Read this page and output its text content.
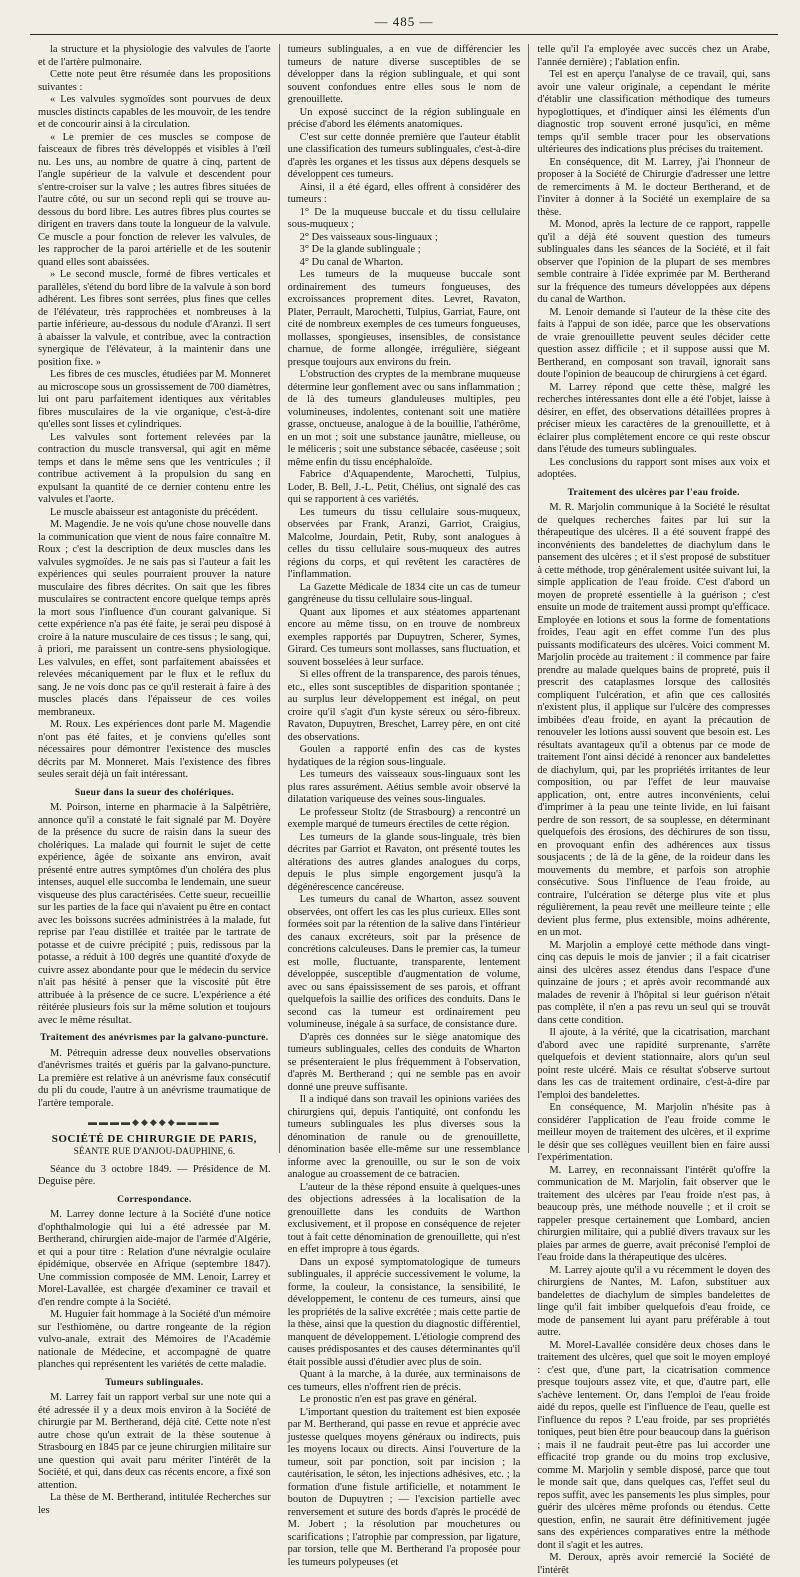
— 485 —

la structure et la physiologie des valvules de l'aorte et de l'artère pulmonaire.

Cette note peut être résumée dans les propositions suivantes :

« Les valvules sygmoïdes sont pourvues de deux muscles distincts capables de les mouvoir, de les tendre et de concourir ainsi à la circulation.

« Le premier de ces muscles se compose de faisceaux de fibres très développés et visibles à l'œil nu. Les uns, au nombre de quatre à cinq, partent de l'angle supérieur de la valvule et descendent pour s'entre-croiser sur la valve ; les autres fibres situées de l'autre côté, ou sur un second repli qui se trouve au-dessous du bord libre. Les autres fibres plus courtes se dirigent en travers dans toute la longueur de la valvule. Ce muscle a pour fonction de relever les valvules, de les rapprocher de la paroi artérielle et de les soutenir quand elles sont abaissées.

» Le second muscle, formé de fibres verticales et parallèles, s'étend du bord libre de la valvule à son bord adhérent. Les fibres sont serrées, plus fines que celles de l'élévateur, très rapprochées et nombreuses à la partie inférieure, au-dessous du nodule d'Aranzi. Il sert à abaisser la valvule, et contribue, avec la contraction synergique de l'élévateur, à la maintenir dans une position fixe. »

Les fibres de ces muscles, étudiées par M. Monneret au microscope sous un grossissement de 700 diamètres, lui ont paru parfaitement identiques aux véritables fibres musculaires de la vie organique, c'est-à-dire qu'elles sont lisses et cylindriques.

Les valvules sont fortement relevées par la contraction du muscle transversal, qui agit en même temps et dans le même sens que les ventricules ; il contribue activement à la propulsion du sang en expulsant la quantité de ce dernier contenu entre les valvules et l'aorte.

Le muscle abaisseur est antagoniste du précédent.

M. Magendie. Je ne vois qu'une chose nouvelle dans la communication que vient de nous faire connaître M. Roux ; c'est la description de deux muscles dans les valvules sygmoïdes. Je ne sais pas si l'auteur a fait les expériences qui seules pourraient prouver la nature musculaire des fibres décrites. On sait que les fibres musculaires se contractent encore quelque temps après la mort sous l'influence d'un courant galvanique. Si cette expérience n'a pas été faite, je serai peu disposé à croire à la nature musculaire de ces tissus ; le sang, qui, à priori, me paraissent un contre-sens physiologique. Les valvules, en effet, sont parfaitement abaissées et relevées mécaniquement par le flux et le reflux du sang. Je ne vois donc pas ce qu'il resterait à faire à des muscles placés dans l'épaisseur de ces voiles membraneux.

M. Roux. Les expériences dont parle M. Magendie n'ont pas été faites, et je conviens qu'elles sont nécessaires pour démontrer l'existence des muscles décrits par M. Monneret. Mais l'existence des fibres seules serait déjà un fait intéressant.

Sueur dans la sueur des cholériques.

M. Poirson, interne en pharmacie à la Salpêtrière, annonce qu'il a constaté le fait signalé par M. Doyère de la présence du sucre de raisin dans la sueur des cholériques. La malade qui fournit le sujet de cette expérience, âgée de soixante ans environ, avait présenté entre autres symptômes d'un choléra des plus intenses, auquel elle succomba le lendemain, une sueur visqueuse des plus caractérisées. Cette sueur, recueillie sur les parties de la face qui n'avaient pu être en contact avec les boissons sucrées administrées à la malade, fut reprise par l'eau distillée et traitée par le tartrate de potasse et de cuivre précipité ; puis, redissous par la potasse, a réduit à 100 degrés une quantité d'oxyde de cuivre assez abondante pour que le médecin du service n'ait pas hésité à penser que la viscosité pût être attribuée à la présence de ce sucre. L'expérience a été réitérée plusieurs fois sur la même solution et toujours avec le même résultat.

Traitement des anévrismes par la galvano-puncture.

M. Pétrequin adresse deux nouvelles observations d'anévrismes traités et guéris par la galvano-puncture. La première est relative à un anévrisme faux consécutif du pli du coude, l'autre à un anévrisme traumatique de l'artère temporale.

▬▬▬▬◆◆◆◆◆▬▬▬▬
SOCIÉTÉ DE CHIRURGIE DE PARIS,
SÉANTE RUE D'ANJOU-DAUPHINE, 6.

Séance du 3 octobre 1849. — Présidence de M. Deguise père.

Correspondance.

M. Larrey donne lecture à la Société d'une notice d'ophthalmologie qui lui a été adressée par M. Bertherand, chirurgien aide-major de l'armée d'Algérie, et qui a pour titre : Relation d'une névralgie oculaire épidémique, observée en Afrique (septembre 1847). Une commission composée de MM. Lenoir, Larrey et Morel-Lavallée, est chargée d'examiner ce travail et d'en rendre compte à la Société.

M. Huguier fait hommage à la Société d'un mémoire sur l'esthiomène, ou dartre rongeante de la région vulvo-anale, extrait des Mémoires de l'Académie nationale de Médecine, et accompagné de quatre planches qui représentent les variétés de cette maladie.

Tumeurs sublinguales.

M. Larrey fait un rapport verbal sur une note qui a été adressée il y a deux mois environ à la Société de chirurgie par M. Bertherand, déjà cité. Cette note n'est autre chose qu'un extrait de la thèse soutenue à Strasbourg en 1845 par ce jeune chirurgien militaire sur une question qui avait paru mériter l'intérêt de la Société, et qui, dans deux cas récents encore, a fixé son attention.

La thèse de M. Bertherand, intitulée Recherches sur les

tumeurs sublinguales, a en vue de différencier les tumeurs de nature diverse susceptibles de se développer dans la région sublinguale, et qui sont souvent confondues entre elles sous le nom de grenouillette.

Un exposé succinct de la région sublinguale en précise d'abord les éléments anatomiques.

C'est sur cette donnée première que l'auteur établit une classification des tumeurs sublinguales, c'est-à-dire d'après les organes et les tissus aux dépens desquels se développent ces tumeurs.

Ainsi, il a été égard, elles offrent à considérer des tumeurs :

1° De la muqueuse buccale et du tissu cellulaire sous-muqueux ;

2° Des vaisseaux sous-linguaux ;

3° De la glande sublinguale ;

4° Du canal de Wharton.

Les tumeurs de la muqueuse buccale sont ordinairement des tumeurs fongueuses, des excroissances proprement dites. Levret, Ravaton, Plater, Perrault, Marochetti, Tulpius, Garriat, Faure, ont cité de nombreux exemples de ces tumeurs fongueuses, mollasses, spongieuses, insensibles, de consistance charnue, de forme allongée, irrégulière, siégeant presque toujours aux environs du frein.

L'obstruction des cryptes de la membrane muqueuse détermine leur gonflement avec ou sans inflammation ; de là des tumeurs glanduleuses multiples, peu volumineuses, indolentes, contenant soit une matière grasse, onctueuse, analogue à de la bouillie, l'athérôme, en un mot ; soit une substance jaunâtre, mielleuse, ou le méliceris ; soit une substance sébacée, caséeuse ; soit même enfin du tissu encéphaloïde.

Fabrice d'Aquapendente, Marochetti, Tulpius, Loder, B. Bell, J.-L. Petit, Chélius, ont signalé des cas qui se rapportent à ces variétés.

Les tumeurs du tissu cellulaire sous-muqueux, observées par Frank, Aranzi, Garriot, Craigius, Malcolme, Jourdain, Petit, Ruby, sont analogues à celles du tissu cellulaire sous-muqueux des autres régions du corps, et qui revêtent les caractères de l'inflammation.

La Gazette Médicale de 1834 cite un cas de tumeur gangréneuse du tissu cellulaire sous-lingual.

Quant aux lipomes et aux stéatomes appartenant encore au même tissu, on en trouve de nombreux exemples rapportés par Dupuytren, Scherer, Symes, Girard. Ces tumeurs sont mollasses, sans fluctuation, et souvent bosselées à leur surface.

Si elles offrent de la transparence, des parois ténues, etc., elles sont susceptibles de disparition spontanée ; au surplus leur développement est inégal, on peut croire qu'il s'agit d'un kyste séreux ou séro-fibreux. Ravaton, Dupuytren, Breschet, Larrey père, en ont cité des observations.

Goulen a rapporté enfin des cas de kystes hydatiques de la région sous-linguale.

Les tumeurs des vaisseaux sous-linguaux sont les plus rares assurément. Aétius semble avoir observé la dilatation variqueuse des veines sous-linguales.

Le professeur Stoltz (de Strasbourg) a rencontré un exemple marqué de tumeurs érectiles de cette région.

Les tumeurs de la glande sous-linguale, très bien décrites par Garriot et Ravaton, ont présenté toutes les altérations des autres glandes analogues du corps, depuis le plus simple engorgement jusqu'à la dégénérescence cancéreuse.

Les tumeurs du canal de Wharton, assez souvent observées, ont offert les cas les plus curieux. Elles sont formées soit par la rétention de la salive dans l'intérieur des canaux excréteurs, soit par la présence de concrétions calculeuses. Dans le premier cas, la tumeur est molle, fluctuante, transparente, lentement développée, susceptible d'augmentation de volume, avec ou sans épaississement de ses parois, et offrant quelquefois la saillie des orifices des conduits. Dans le second cas la tumeur est ordinairement peu volumineuse, inégale à sa surface, de consistance dure.

D'après ces données sur le siège anatomique des tumeurs sublinguales, celles des conduits de Wharton se présenteraient le plus fréquemment à l'observation, d'après M. Bertherand ; qui ne semble pas en avoir donné une preuve suffisante.

Il a indiqué dans son travail les opinions variées des chirurgiens qui, depuis l'antiquité, ont confondu les tumeurs sublinguales les plus diverses sous la dénomination de ranule ou de grenouillette, dénomination basée elle-même sur une ressemblance informe avec la grenouille, ou sur le son de voix analogue au croassement de ce batracien.

L'auteur de la thèse répond ensuite à quelques-unes des objections adressées à la localisation de la grenouillette dans les conduits de Warthon exclusivement, et il propose en conséquence de rejeter tout à fait cette dénomination de grenouillette, qui n'est en effet impropre à tous égards.

Dans un exposé symptomatologique de tumeurs sublinguales, il apprécie successivement le volume, la forme, la couleur, la consistance, la sensibilité, le développement, le contenu de ces tumeurs, ainsi que les propriétés de la salive excrétée ; mais cette partie de la thèse, ainsi que la question du diagnostic différentiel, manquent de développement. L'étiologie comprend des causes prédisposantes et des causes déterminantes qu'il était possible aussi d'étudier avec plus de soin.

Quant à la marche, à la durée, aux terminaisons de ces tumeurs, elles n'offrent rien de précis.

Le pronostic n'en est pas grave en général.

L'important question du traitement est bien exposée par M. Bertherand, qui passe en revue et apprécie avec justesse quelques moyens généraux ou indirects, puis les moyens locaux ou directs. Ainsi l'ouverture de la tumeur, soit par ponction, soit par incision ; la cautérisation, le séton, les injections adhésives, etc. ; la formation d'une fistule artificielle, et notamment le bouton de Dupuytren ; — l'excision partielle avec renversement et suture des bords d'après le procédé de M. Jobert ; la résolution par mouchetures ou scarifications ; l'atrophie par compression, par ligature, par torsion, telle que M. Bertherand l'a proposée pour les tumeurs polypeuses (et

telle qu'il l'a employée avec succès chez un Arabe, l'année dernière) ; l'ablation enfin.

Tel est en aperçu l'analyse de ce travail, qui, sans avoir une valeur originale, a cependant le mérite d'établir une classification méthodique des tumeurs hypoglottiques, et d'indiquer ainsi les éléments d'un diagnostic trop souvent erroné jusqu'ici, en même temps qu'il semble tracer pour les observations ultérieures des indications plus précises du traitement.

En conséquence, dit M. Larrey, j'ai l'honneur de proposer à la Société de Chirurgie d'adresser une lettre de remerciments à M. le docteur Bertherand, et de l'inviter à donner à la Société un exemplaire de sa thèse.

M. Monod, après la lecture de ce rapport, rappelle qu'il a déjà été souvent question des tumeurs sublinguales dans les séances de la Société, et il fait observer que l'opinion de la plupart de ses membres semble contraire à l'idée exprimée par M. Bertherand sur la fréquence des tumeurs développées aux dépens du canal de Warthon.

M. Lenoir demande si l'auteur de la thèse cite des faits à l'appui de son idée, parce que les observations de vraie grenouillette peuvent seules décider cette question assez difficile ; et il suppose aussi que M. Bertherand, en composant son travail, ignorait sans doute l'opinion de beaucoup de chirurgiens à cet égard.

M. Larrey répond que cette thèse, malgré les recherches intéressantes dont elle a été l'objet, laisse à désirer, en effet, des observations détaillées propres à préciser mieux les caractères de la grenouillette, et à éclairer plus complètement encore ce qui reste obscur dans l'étude des tumeurs sublinguales.

Les conclusions du rapport sont mises aux voix et adoptées.

Traitement des ulcères par l'eau froide.

M. R. Marjolin communique à la Société le résultat de quelques recherches faites par lui sur la thérapeutique des ulcères. Il a été souvent frappé des inconvénients des bandelettes de diachylum dans le pansement des ulcères ; et il s'est proposé de substituer à cette méthode, trop généralement usitée suivant lui, la simple application de l'eau froide. C'est d'abord un moyen de propreté essentielle à la guérison ; c'est ensuite un mode de traitement aussi prompt qu'efficace. Employée en lotions et sous la forme de fomentations froides, l'eau agit en effet comme l'un des plus puissants modificateurs des ulcères. Voici comment M. Marjolin procède au traitement : il commence par faire prendre au malade quelques bains de propreté, puis il prescrit des cataplasmes lorsque des callosités compliquent l'ulcération, et afin que ces callosités n'existent plus, il applique sur l'ulcère des compresses imbibées d'eau froide, en ayant la précaution de renouveler les lotions aussi souvent que besoin est. Les résultats avantageux qu'il a obtenus par ce mode de traitement l'ont ainsi décidé à renoncer aux bandelettes de diachylum, qui, par les propriétés irritantes de leur composition, ou par l'effet de leur mauvaise application, ont, entre autres inconvénients, celui d'imprimer à la peau une teinte livide, en lui faisant perdre de son ressort, de sa souplesse, en déterminant quelquefois des érosions, des déchirures de son tissu, en provoquant enfin des adhérences aux tissus sousjacents ; de là de la gêne, de la roideur dans les mouvements du membre, et parfois son atrophie consécutive. Sous l'influence de l'eau froide, au contraire, l'ulcération se déterge plus vite et plus régulièrement, la peau revêt une meilleure teinte ; elle devient plus ferme, plus extensible, moins adhérente, en un mot.

M. Marjolin a employé cette méthode dans vingt-cinq cas depuis le mois de janvier ; il a fait cicatriser ainsi des ulcères assez étendus dans l'espace d'une quinzaine de jours ; et après avoir recommandé aux malades de revenir à l'hôpital si leur guérison n'était pas complète, il n'en a pas revu un seul qui se trouvât dans cette condition.

Il ajoute, à la vérité, que la cicatrisation, marchant d'abord avec une rapidité surprenante, s'arrête quelquefois et devient stationnaire, alors qu'un seul point reste ulcéré. Mais ce résultat s'observe surtout dans les cas de traitement ordinaire, c'est-à-dire par l'emploi des bandelettes.

En conséquence, M. Marjolin n'hésite pas à considérer l'application de l'eau froide comme le meilleur moyen de traitement des ulcères, et il exprime le désir que ses collègues veuillent bien en faire aussi l'expérimentation.

M. Larrey, en reconnaissant l'intérêt qu'offre la communication de M. Marjolin, fait observer que le traitement des ulcères par l'eau froide n'est pas, à beaucoup près, une méthode nouvelle ; et il croit se rappeler presque certainement que Lombard, ancien chirurgien militaire, qui a publié divers travaux sur les plaies par armes de guerre, avait préconisé l'emploi de l'eau froide dans la thérapeutique des ulcères.

M. Larrey ajoute qu'il a vu récemment le doyen des chirurgiens de Nantes, M. Lafon, substituer aux bandelettes de diachylum de simples bandelettes de linge qu'il fait imbiber quelquefois d'eau froide, ce mode de pansement lui ayant paru préférable à tout autre.

M. Morel-Lavallée considère deux choses dans le traitement des ulcères, quel que soit le moyen employé : c'est que, d'une part, la cicatrisation commence presque toujours assez vite, et que, d'autre part, elle s'achève lentement. Or, dans l'emploi de l'eau froide aidé du repos, quelle est l'influence de l'eau, quelle est l'influence du repos ? L'eau froide, par ses propriétés toniques, peut bien être pour beaucoup dans la guérison ; mais il ne faudrait peut-être pas lui accorder une efficacité trop grande ou du moins trop exclusive, comme M. Marjolin y semble disposé, parce que tout le monde sait que, dans quelques cas, l'effet seul du repos suffit, avec les pansements les plus simples, pour guérir des ulcères même profonds ou étendus. Cette question, enfin, ne saurait être définitivement jugée sans des expériences comparatives entre la méthode dont il s'agit et les autres.

M. Deroux, après avoir remercié la Société de l'intérêt
